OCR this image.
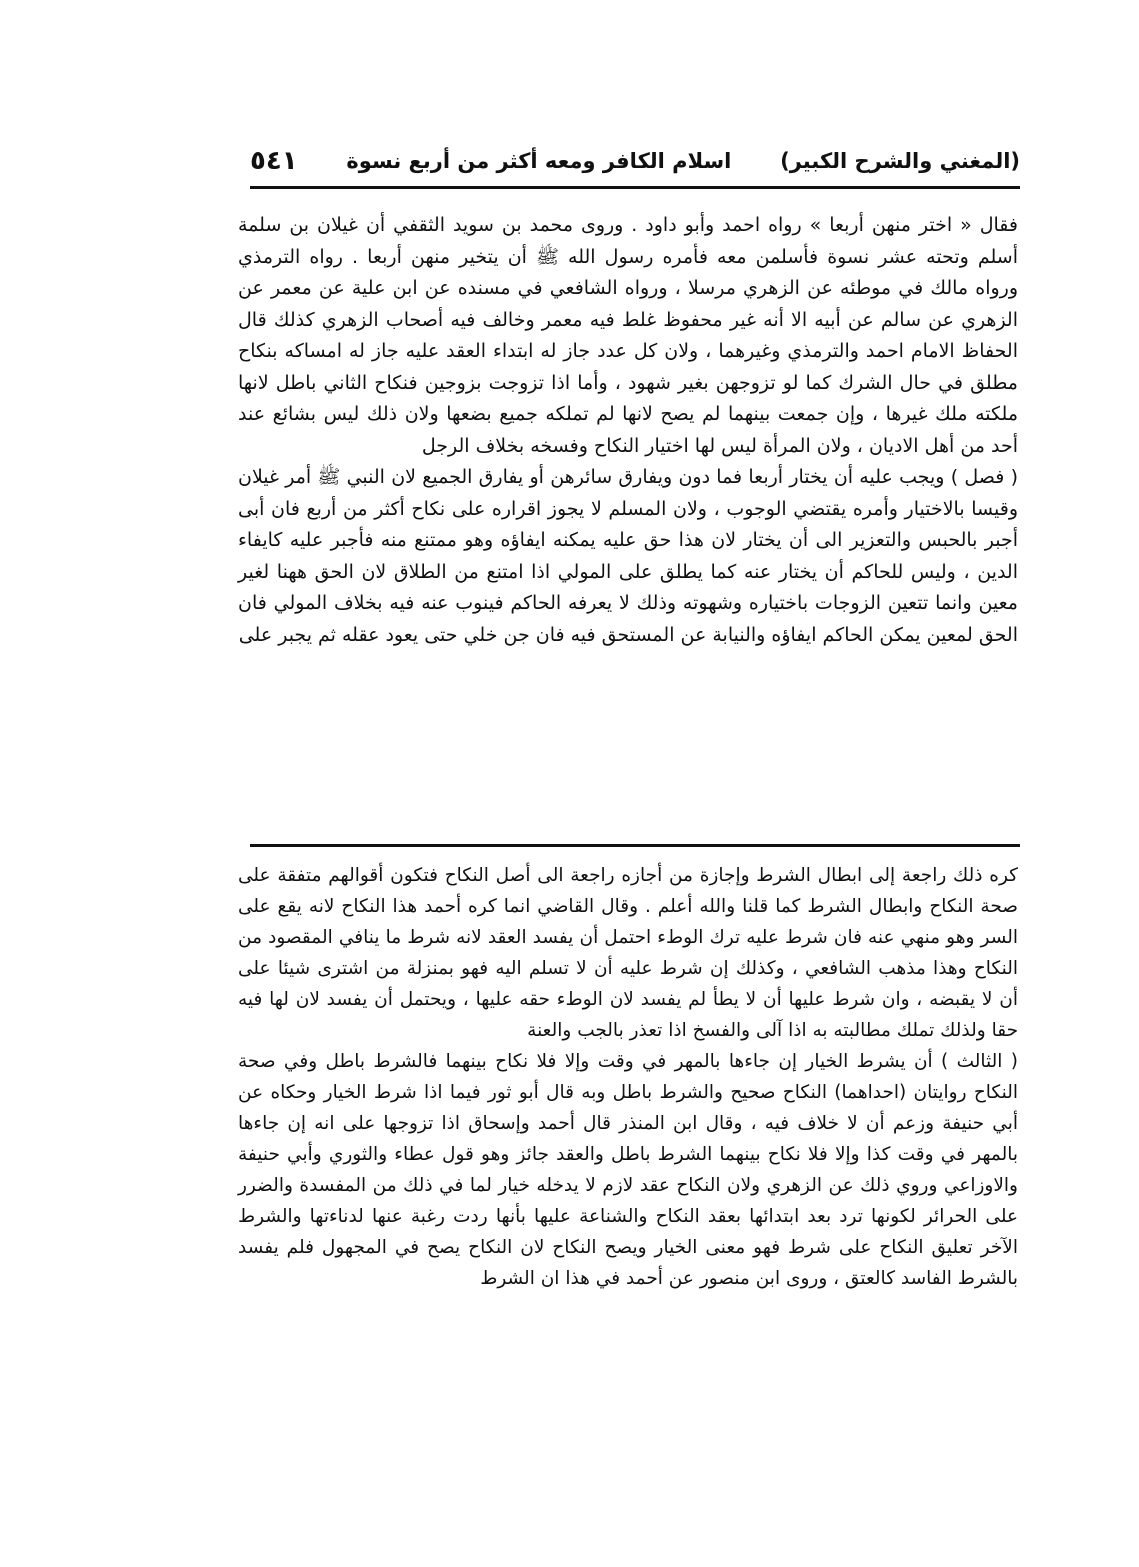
(المغني والشرح الكبير)
اسلام الكافر ومعه أكثر من أربع نسوة
٥٤١

فقال « اختر منهن أربعا » رواه احمد وأبو داود . وروى محمد بن سويد الثقفي أن غيلان بن سلمة أسلم وتحته عشر نسوة فأسلمن معه فأمره رسول الله ﷺ أن يتخير منهن أربعا . رواه الترمذي ورواه مالك في موطئه عن الزهري مرسلا ، ورواه الشافعي في مسنده عن ابن علية عن معمر عن الزهري عن سالم عن أبيه الا أنه غير محفوظ غلط فيه معمر وخالف فيه أصحاب الزهري كذلك قال الحفاظ الامام احمد والترمذي وغيرهما ، ولان كل عدد جاز له ابتداء العقد عليه جاز له امساكه بنكاح مطلق في حال الشرك كما لو تزوجهن بغير شهود ، وأما اذا تزوجت بزوجين فنكاح الثاني باطل لانها ملكته ملك غيرها ، وإن جمعت بينهما لم يصح لانها لم تملكه جميع بضعها ولان ذلك ليس بشائع عند أحد من أهل الاديان ، ولان المرأة ليس لها اختيار النكاح وفسخه بخلاف الرجل

( فصل ) ويجب عليه أن يختار أربعا فما دون ويفارق سائرهن أو يفارق الجميع لان النبي ﷺ أمر غيلان وقيسا بالاختيار وأمره يقتضي الوجوب ، ولان المسلم لا يجوز اقراره على نكاح أكثر من أربع فان أبى أجبر بالحبس والتعزير الى أن يختار لان هذا حق عليه يمكنه ايفاؤه وهو ممتنع منه فأجبر عليه كايفاء الدين ، وليس للحاكم أن يختار عنه كما يطلق على المولي اذا امتنع من الطلاق لان الحق ههنا لغير معين وانما تتعين الزوجات باختياره وشهوته وذلك لا يعرفه الحاكم فينوب عنه فيه بخلاف المولي فان الحق لمعين يمكن الحاكم ايفاؤه والنيابة عن المستحق فيه فان جن خلي حتى يعود عقله ثم يجبر على

كره ذلك راجعة إلى ابطال الشرط وإجازة من أجازه راجعة الى أصل النكاح فتكون أقوالهم متفقة على صحة النكاح وابطال الشرط كما قلنا والله أعلم . وقال القاضي انما كره أحمد هذا النكاح لانه يقع على السر وهو منهي عنه فان شرط عليه ترك الوطء احتمل أن يفسد العقد لانه شرط ما ينافي المقصود من النكاح وهذا مذهب الشافعي ، وكذلك إن شرط عليه أن لا تسلم اليه فهو بمنزلة من اشترى شيئا على أن لا يقبضه ، وان شرط عليها أن لا يطأ لم يفسد لان الوطء حقه عليها ، ويحتمل أن يفسد لان لها فيه حقا ولذلك تملك مطالبته به اذا آلى والفسخ اذا تعذر بالجب والعنة

( الثالث ) أن يشرط الخيار إن جاءها بالمهر في وقت وإلا فلا نكاح بينهما فالشرط باطل وفي صحة النكاح روايتان (احداهما) النكاح صحيح والشرط باطل وبه قال أبو ثور فيما اذا شرط الخيار وحكاه عن أبي حنيفة وزعم أن لا خلاف فيه ، وقال ابن المنذر قال أحمد وإسحاق اذا تزوجها على انه إن جاءها بالمهر في وقت كذا وإلا فلا نكاح بينهما الشرط باطل والعقد جائز وهو قول عطاء والثوري وأبي حنيفة والاوزاعي وروي ذلك عن الزهري ولان النكاح عقد لازم لا يدخله خيار لما في ذلك من المفسدة والضرر على الحرائر لكونها ترد بعد ابتدائها بعقد النكاح والشناعة عليها بأنها ردت رغبة عنها لدناءتها والشرط الآخر تعليق النكاح على شرط فهو معنى الخيار ويصح النكاح لان النكاح يصح في المجهول فلم يفسد بالشرط الفاسد كالعتق ، وروى ابن منصور عن أحمد في هذا ان الشرط
